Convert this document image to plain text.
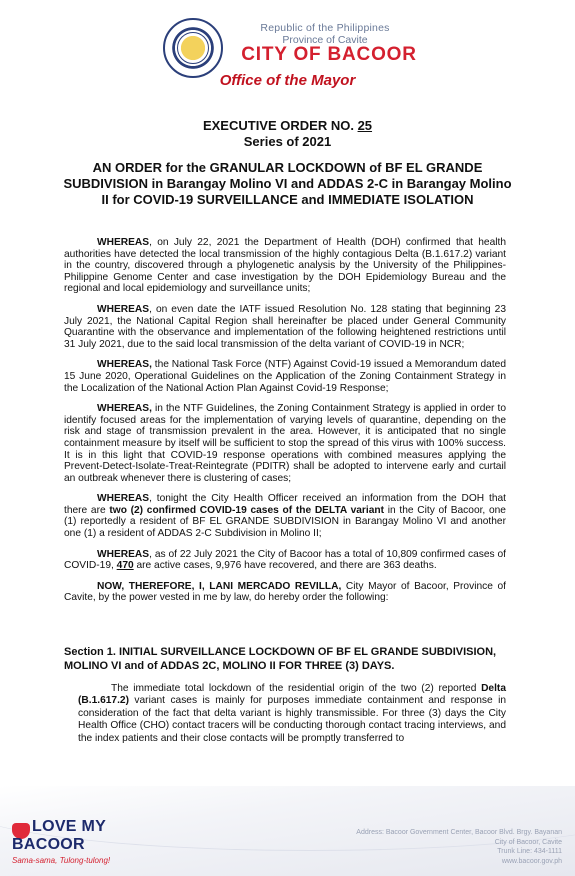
Republic of the Philippines
Province of Cavite
CITY OF BACOOR
Office of the Mayor
EXECUTIVE ORDER NO. 25
Series of 2021
AN ORDER for the GRANULAR LOCKDOWN of BF EL GRANDE SUBDIVISION in Barangay Molino VI and ADDAS 2-C in Barangay Molino II for COVID-19 SURVEILLANCE and IMMEDIATE ISOLATION

WHEREAS, on July 22, 2021 the Department of Health (DOH) confirmed that health authorities have detected the local transmission of the highly contagious Delta (B.1.617.2) variant in the country, discovered through a phylogenetic analysis by the University of the Philippines-Philippine Genome Center and case investigation by the DOH Epidemiology Bureau and the regional and local epidemiology and surveillance units;

WHEREAS, on even date the IATF issued Resolution No. 128 stating that beginning 23 July 2021, the National Capital Region shall hereinafter be placed under General Community Quarantine with the observance and implementation of the following heightened restrictions until 31 July 2021, due to the said local transmission of the delta variant of COVID-19 in NCR;

WHEREAS, the National Task Force (NTF) Against Covid-19 issued a Memorandum dated 15 June 2020, Operational Guidelines on the Application of the Zoning Containment Strategy in the Localization of the National Action Plan Against Covid-19 Response;

WHEREAS, in the NTF Guidelines, the Zoning Containment Strategy is applied in order to identify focused areas for the implementation of varying levels of quarantine, depending on the risk and stage of transmission prevalent in the area. However, it is anticipated that no single containment measure by itself will be sufficient to stop the spread of this virus with 100% success. It is in this light that COVID-19 response operations with combined measures applying the Prevent-Detect-Isolate-Treat-Reintegrate (PDITR) shall be adopted to intervene early and curtail an outbreak whenever there is clustering of cases;

WHEREAS, tonight the City Health Officer received an information from the DOH that there are two (2) confirmed COVID-19 cases of the DELTA variant in the City of Bacoor, one (1) reportedly a resident of BF EL GRANDE SUBDIVISION in Barangay Molino VI and another one (1) a resident of ADDAS 2-C Subdivision in Molino II;

WHEREAS, as of 22 July 2021 the City of Bacoor has a total of 10,809 confirmed cases of COVID-19, 470 are active cases, 9,976 have recovered, and there are 363 deaths.

NOW, THEREFORE, I, LANI MERCADO REVILLA, City Mayor of Bacoor, Province of Cavite, by the power vested in me by law, do hereby order the following:

Section 1. INITIAL SURVEILLANCE LOCKDOWN OF BF EL GRANDE SUBDIVISION, MOLINO VI and of ADDAS 2C, MOLINO II FOR THREE (3) DAYS.
The immediate total lockdown of the residential origin of the two (2) reported Delta (B.1.617.2) variant cases is mainly for purposes immediate containment and response in consideration of the fact that delta variant is highly transmissible. For three (3) days the City Health Office (CHO) contact tracers will be conducting thorough contact tracing interviews, and the index patients and their close contacts will be promptly transferred to
LOVE MY
BACOOR
Sama-sama, Tulong-tulong!
Address: Bacoor Government Center, Bacoor Blvd. Brgy. Bayanan
City of Bacoor, Cavite
Trunk Line: 434-1111
www.bacoor.gov.ph
